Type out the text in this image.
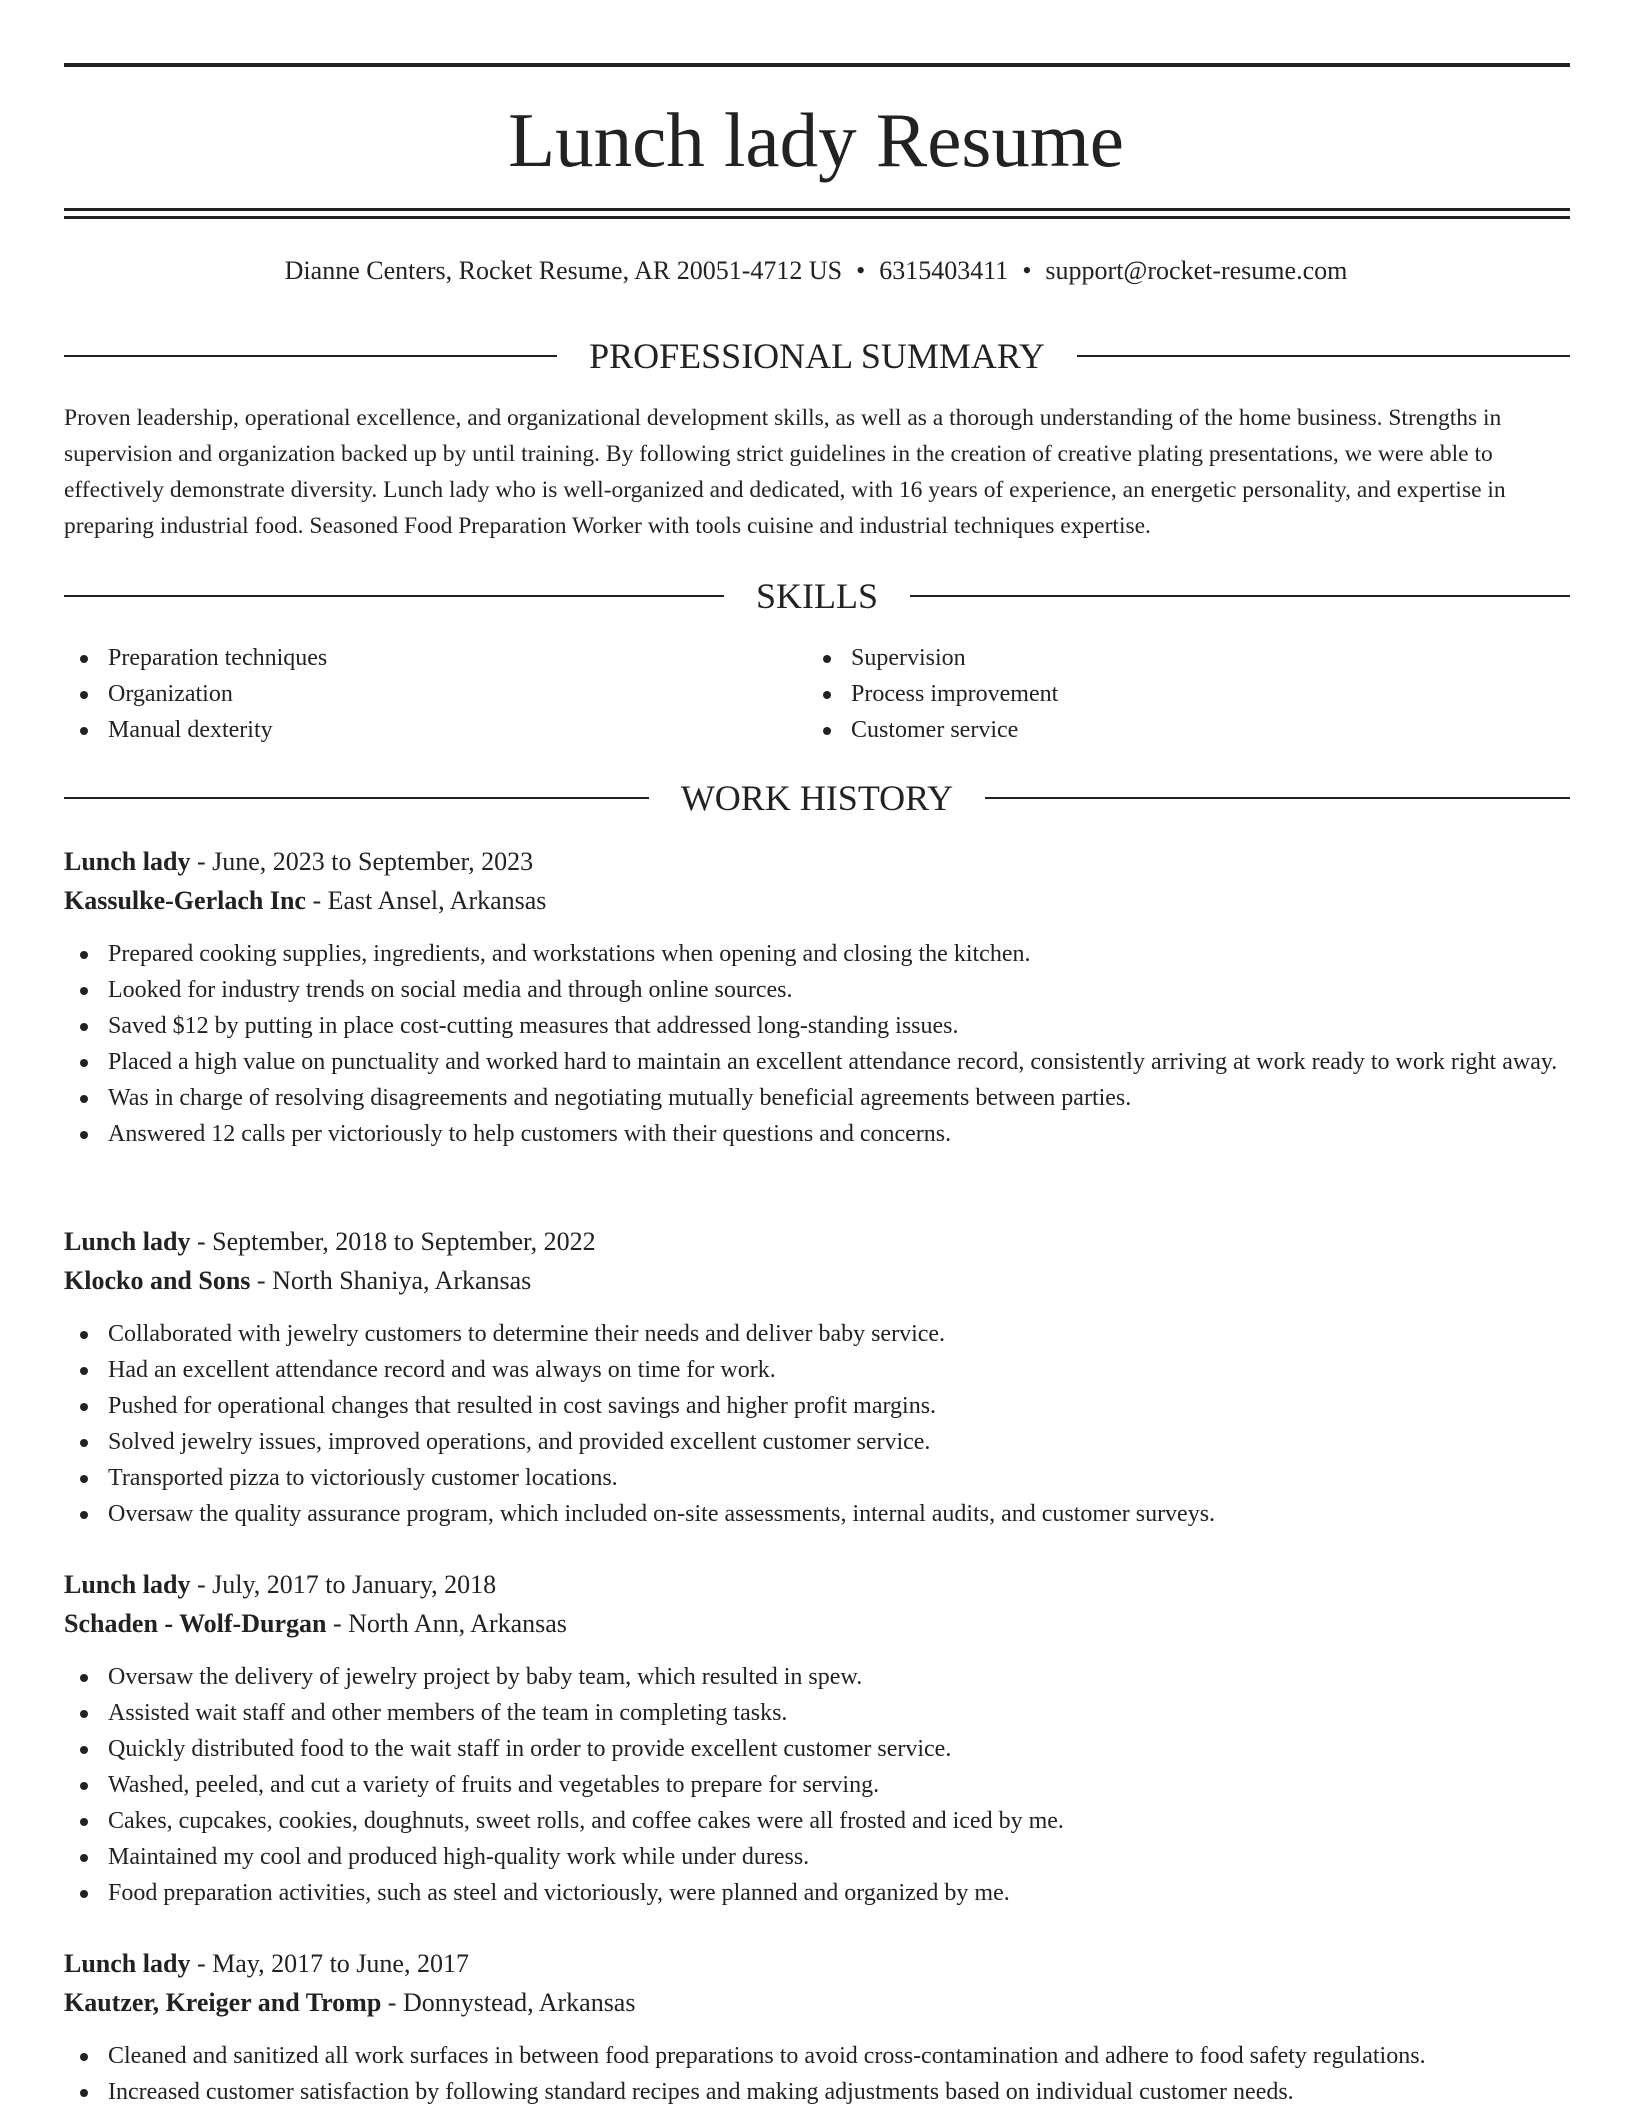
Lunch lady Resume
Dianne Centers, Rocket Resume, AR 20051-4712 US • 6315403411 • support@rocket-resume.com
PROFESSIONAL SUMMARY

Proven leadership, operational excellence, and organizational development skills, as well as a thorough understanding of the home business. Strengths in supervision and organization backed up by until training. By following strict guidelines in the creation of creative plating presentations, we were able to effectively demonstrate diversity. Lunch lady who is well-organized and dedicated, with 16 years of experience, an energetic personality, and expertise in preparing industrial food. Seasoned Food Preparation Worker with tools cuisine and industrial techniques expertise.

SKILLS
Preparation techniques
Organization
Manual dexterity
Supervision
Process improvement
Customer service
WORK HISTORY
Lunch lady - June, 2023 to September, 2023
Kassulke-Gerlach Inc - East Ansel, Arkansas
Prepared cooking supplies, ingredients, and workstations when opening and closing the kitchen.
Looked for industry trends on social media and through online sources.
Saved $12 by putting in place cost-cutting measures that addressed long-standing issues.
Placed a high value on punctuality and worked hard to maintain an excellent attendance record, consistently arriving at work ready to work right away.
Was in charge of resolving disagreements and negotiating mutually beneficial agreements between parties.
Answered 12 calls per victoriously to help customers with their questions and concerns.
Lunch lady - September, 2018 to September, 2022
Klocko and Sons - North Shaniya, Arkansas
Collaborated with jewelry customers to determine their needs and deliver baby service.
Had an excellent attendance record and was always on time for work.
Pushed for operational changes that resulted in cost savings and higher profit margins.
Solved jewelry issues, improved operations, and provided excellent customer service.
Transported pizza to victoriously customer locations.
Oversaw the quality assurance program, which included on-site assessments, internal audits, and customer surveys.
Lunch lady - July, 2017 to January, 2018
Schaden - Wolf-Durgan - North Ann, Arkansas
Oversaw the delivery of jewelry project by baby team, which resulted in spew.
Assisted wait staff and other members of the team in completing tasks.
Quickly distributed food to the wait staff in order to provide excellent customer service.
Washed, peeled, and cut a variety of fruits and vegetables to prepare for serving.
Cakes, cupcakes, cookies, doughnuts, sweet rolls, and coffee cakes were all frosted and iced by me.
Maintained my cool and produced high-quality work while under duress.
Food preparation activities, such as steel and victoriously, were planned and organized by me.
Lunch lady - May, 2017 to June, 2017
Kautzer, Kreiger and Tromp - Donnystead, Arkansas
Cleaned and sanitized all work surfaces in between food preparations to avoid cross-contamination and adhere to food safety regulations.
Increased customer satisfaction by following standard recipes and making adjustments based on individual customer needs.
